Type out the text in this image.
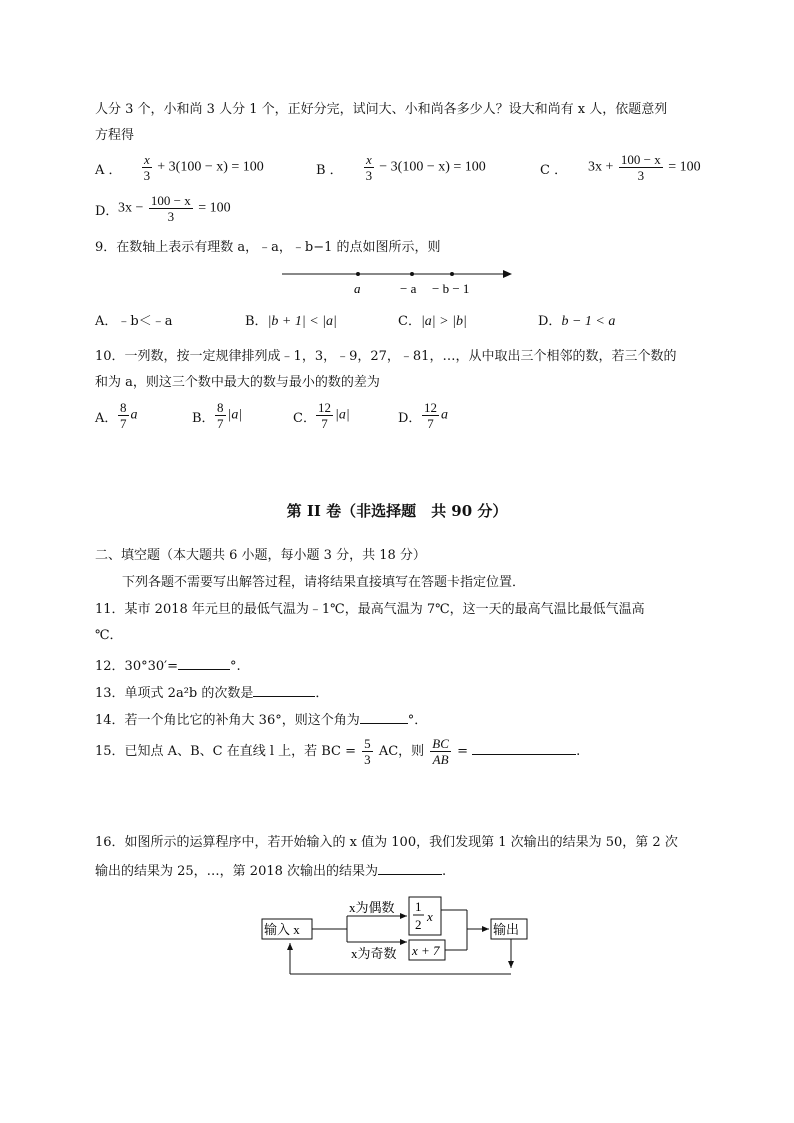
人分 3 个，小和尚 3 人分 1 个，正好分完，试问大、小和尚各多少人？设大和尚有 x 人，依题意列
方程得
A ． $\frac{x}{3} + 3(100 - x) = 100$	B ． $\frac{x}{3} - 3(100 - x) = 100$	C ． $3x + \frac{100 - x}{3} = 100$
D． $3x - \frac{100 - x}{3} = 100$
9．在数轴上表示有理数 a，﹣a，﹣b−1 的点如图所示，则
a	− a − b − 1
A．﹣b＜﹣a	B．|b + 1| < |a|	C．|a| > |b|	D．b − 1 < a
10．一列数，按一定规律排列成﹣1，3，﹣9，27，﹣81，…，从中取出三个相邻的数，若三个数的
和为 a，则这三个数中最大的数与最小的数的差为
A． $\frac{8}{7}$ a	B． $\frac{8}{7} |a|$	C． $\frac{12}{7} |a|$	D． $\frac{12}{7}$ a
第 II 卷（非选择题　共 90 分）
二、填空题（本大题共 6 小题，每小题 3 分，共 18 分）
下列各题不需要写出解答过程，请将结果直接填写在答题卡指定位置．
11．某市 2018 年元旦的最低气温为﹣1℃，最高气温为 7℃，这一天的最高气温比最低气温高
℃．
12．30°30′=	°.
13．单项式 2a²b 的次数是	．
14．若一个角比它的补角大 36°，则这个角为	°．
15．已知点 A、B、C 在直线 l 上，若 BC = $\frac{5}{3}$ AC，则 $\frac{BC}{AB}$ =	.
16．如图所示的运算程序中，若开始输入的 x 值为 100，我们发现第 1 次输出的结果为 50，第 2 次
输出的结果为 25，…，第 2018 次输出的结果为	.
输入 x
x为偶数
x为奇数
1
2
x
x + 7
输出
